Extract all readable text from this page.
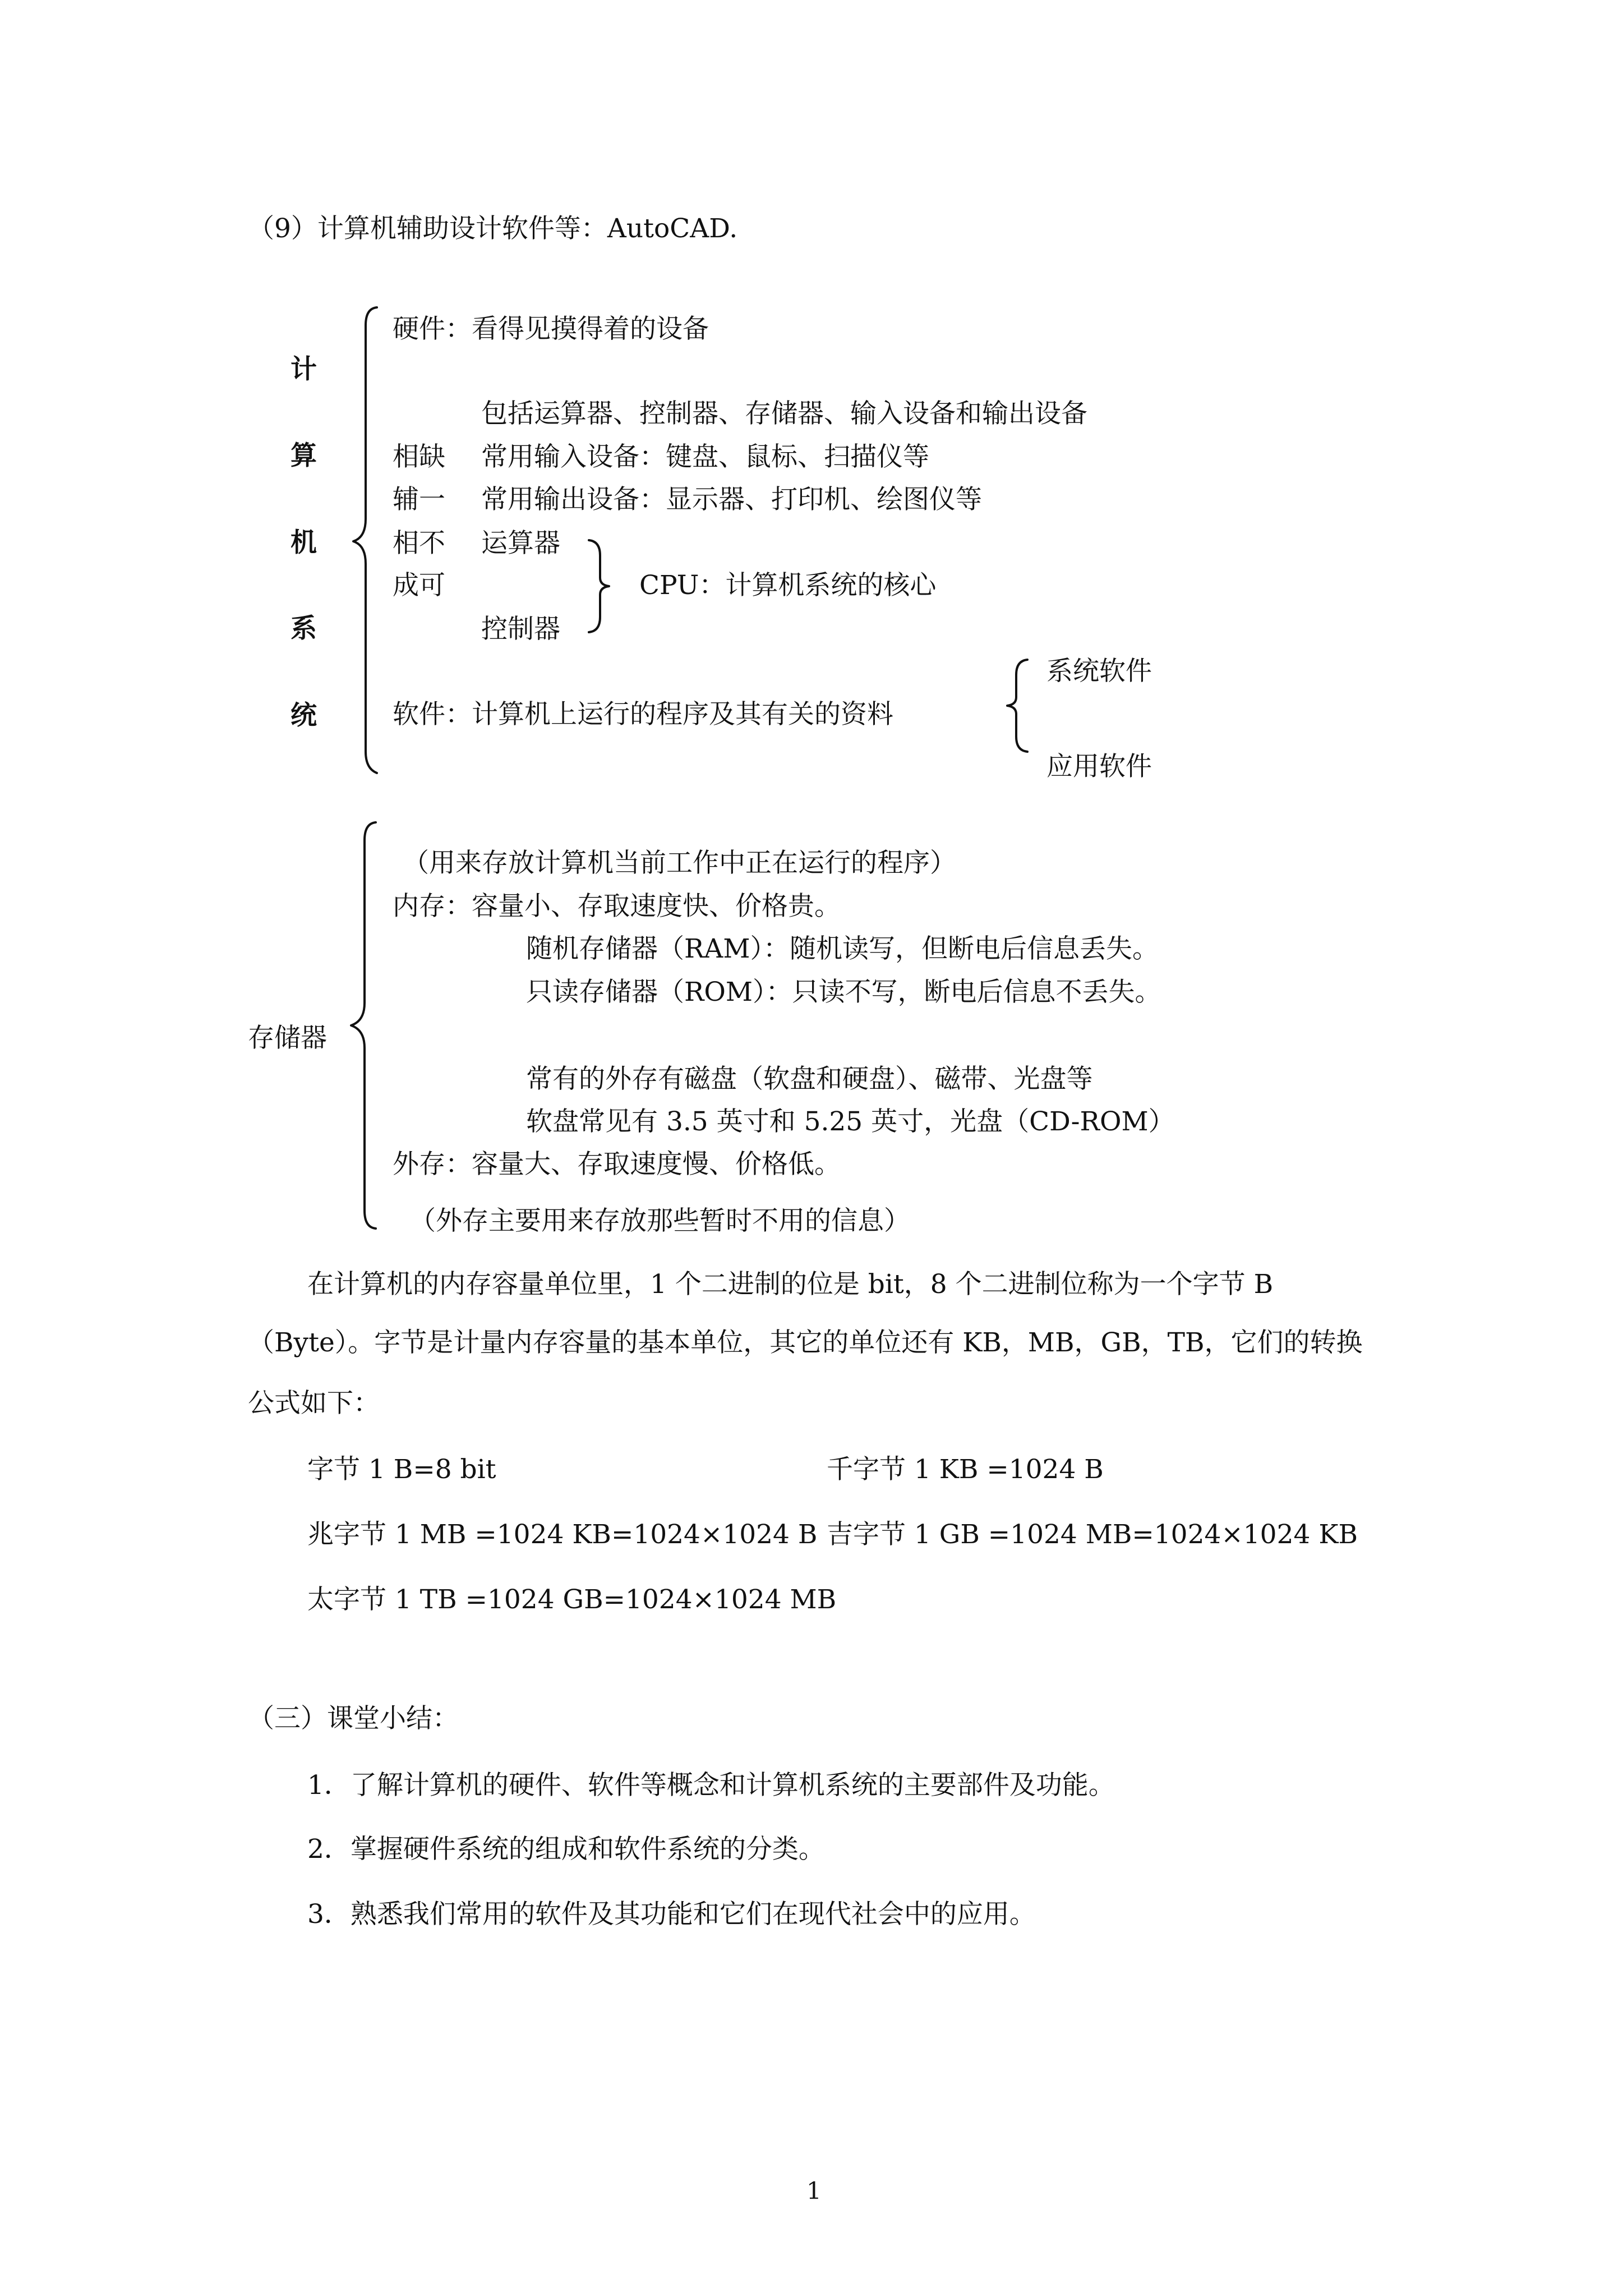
（9）计算机辅助设计软件等：AutoCAD.
计
算
机
系
统
硬件：看得见摸得着的设备
包括运算器、控制器、存储器、输入设备和输出设备
相缺 常用输入设备：键盘、鼠标、扫描仪等
辅一 常用输出设备：显示器、打印机、绘图仪等
相不 运算器
成可	CPU：计算机系统的核心
控制器
软件：计算机上运行的程序及其有关的资料
系统软件
应用软件
存储器
（用来存放计算机当前工作中正在运行的程序）
内存：容量小、存取速度快、价格贵。
随机存储器（RAM）：随机读写，但断电后信息丢失。
只读存储器（ROM）：只读不写，断电后信息不丢失。
常有的外存有磁盘（软盘和硬盘）、磁带、光盘等
软盘常见有 3.5 英寸和 5.25 英寸，光盘（CD-ROM）
外存：容量大、存取速度慢、价格低。
（外存主要用来存放那些暂时不用的信息）
在计算机的内存容量单位里，1 个二进制的位是 bit，8 个二进制位称为一个字节 B
（Byte）。字节是计量内存容量的基本单位，其它的单位还有 KB，MB，GB，TB，它们的转换
公式如下：
字节 1 B=8 bit	千字节 1 KB =1024 B
兆字节 1 MB =1024 KB=1024×1024 B 吉字节 1 GB =1024 MB=1024×1024 KB
太字节 1 TB =1024 GB=1024×1024 MB
（三）课堂小结：
1．了解计算机的硬件、软件等概念和计算机系统的主要部件及功能。
2．掌握硬件系统的组成和软件系统的分类。
3．熟悉我们常用的软件及其功能和它们在现代社会中的应用。
1
